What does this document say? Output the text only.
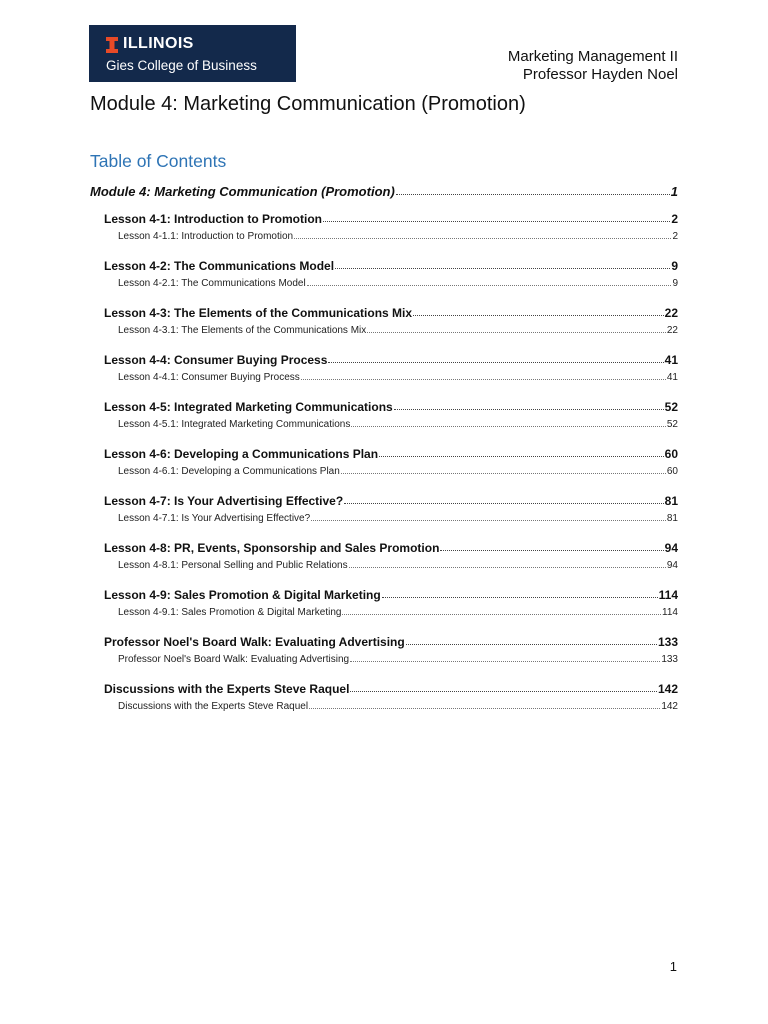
ILLINOIS
Gies College of Business
Marketing Management II
Professor Hayden Noel
Module 4: Marketing Communication (Promotion)
Table of Contents
Module 4: Marketing Communication (Promotion)	1
Lesson 4-1: Introduction to Promotion	2
Lesson 4-1.1: Introduction to Promotion	2
Lesson 4-2: The Communications Model	9
Lesson 4-2.1: The Communications Model	9
Lesson 4-3: The Elements of the Communications Mix	22
Lesson 4-3.1: The Elements of the Communications Mix	22
Lesson 4-4: Consumer Buying Process	41
Lesson 4-4.1: Consumer Buying Process	41
Lesson 4-5: Integrated Marketing Communications	52
Lesson 4-5.1: Integrated Marketing Communications	52
Lesson 4-6: Developing a Communications Plan	60
Lesson 4-6.1: Developing a Communications Plan	60
Lesson 4-7: Is Your Advertising Effective?	81
Lesson 4-7.1: Is Your Advertising Effective?	81
Lesson 4-8: PR, Events, Sponsorship and Sales Promotion	94
Lesson 4-8.1: Personal Selling and Public Relations	94
Lesson 4-9: Sales Promotion & Digital Marketing	114
Lesson 4-9.1: Sales Promotion & Digital Marketing	114
Professor Noel's Board Walk: Evaluating Advertising	133
Professor Noel's Board Walk: Evaluating Advertising	133
Discussions with the Experts Steve Raquel	142
Discussions with the Experts Steve Raquel	142
1
